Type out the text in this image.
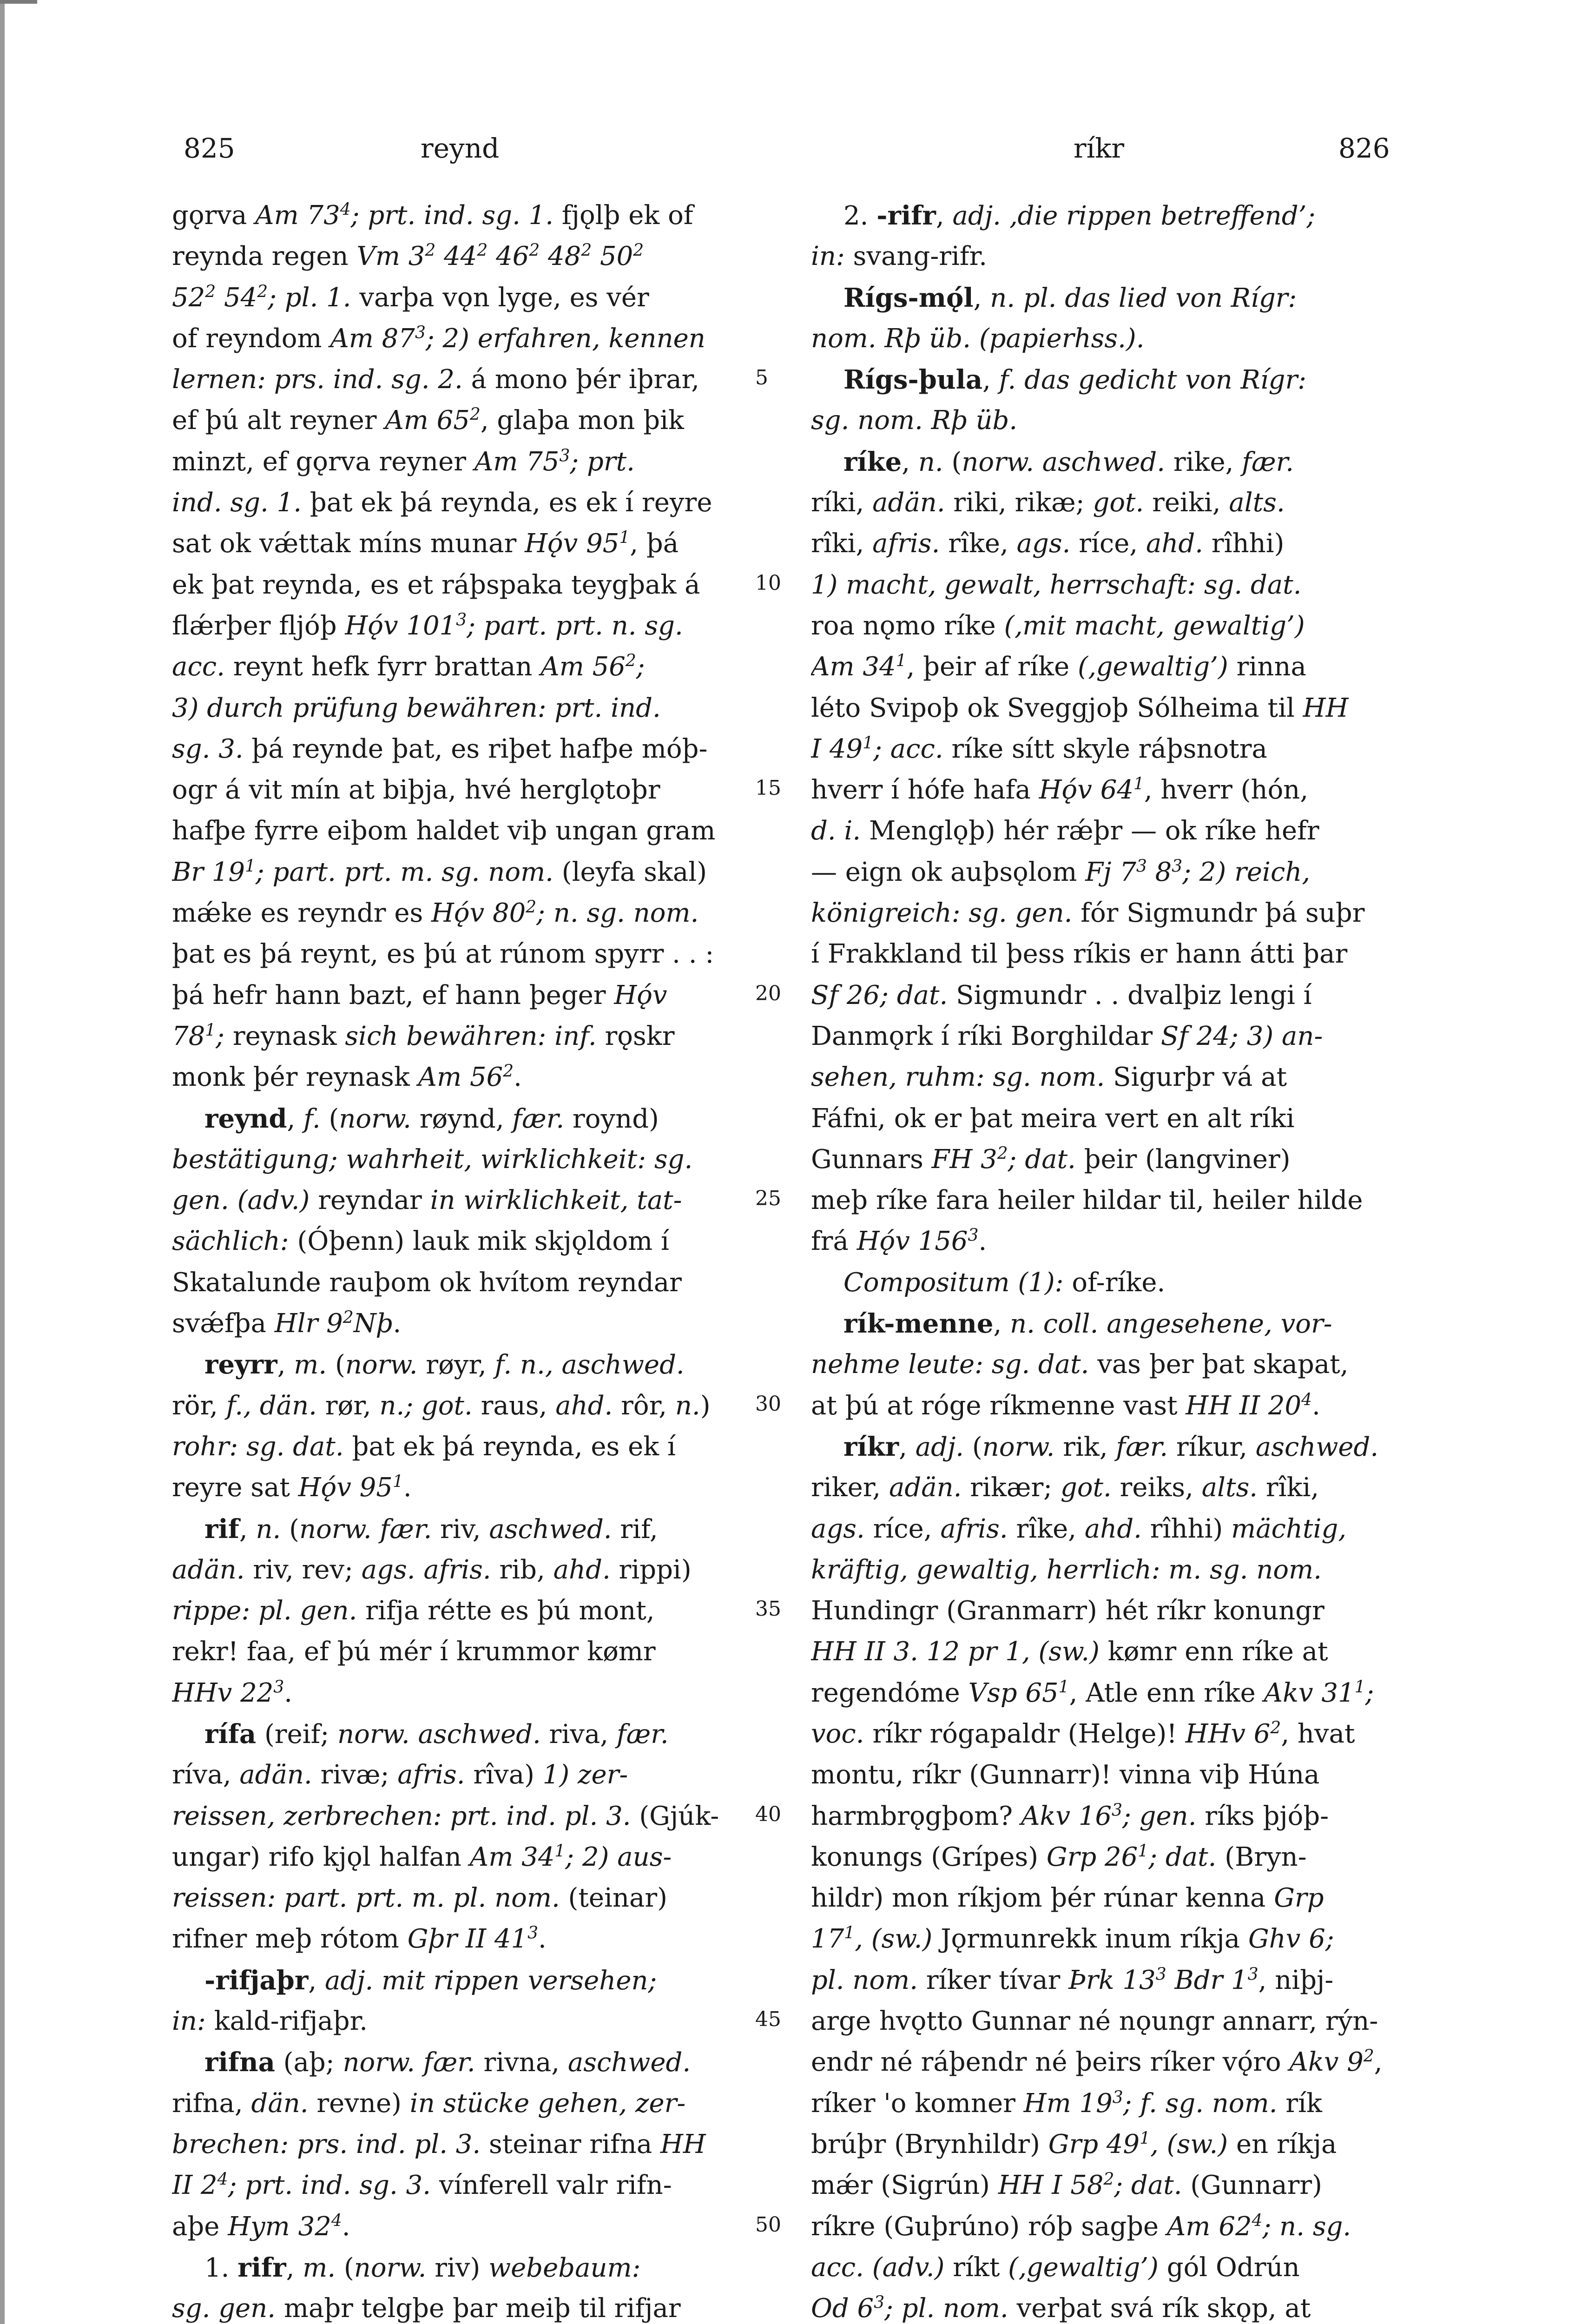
825	reynd	ríkr	826
gǫrva Am $73^4$; prt. ind. sg. 1. fjǫlþ ek of
reynda regen Vm $3^2$ $44^2$ $46^2$ $48^2$ $50^2$
$52^2$ $54^2$; pl. 1. varþa vǫn lyge, es vér
of reyndom Am $87^3$; 2) erfahren, kennen
lernen: prs. ind. sg. 2. á mono þér iþrar,
ef þú alt reyner Am $65^2$, glaþa mon þik
minzt, ef gǫrva reyner Am $75^3$; prt.
ind. sg. 1. þat ek þá reynda, es ek í reyre
sat ok vǽttak míns munar Hǫ́v $95^1$, þá
ek þat reynda, es et ráþspaka teygþak á
flǽrþer fljóþ Hǫ́v $101^3$; part. prt. n. sg.
acc. reynt hefk fyrr brattan Am $56^2$;
3) durch prüfung bewähren: prt. ind.
sg. 3. þá reynde þat, es riþet hafþe móþ-
ogr á vit mín at biþja, hvé herglǫtoþr
hafþe fyrre eiþom haldet viþ ungan gram
Br $19^1$; part. prt. m. sg. nom. (leyfa skal)
mǽke es reyndr es Hǫ́v $80^2$; n. sg. nom.
þat es þá reynt, es þú at rúnom spyrr . . :
þá hefr hann bazt, ef hann þeger Hǫ́v
$78^1$; reynask sich bewähren: inf. rǫskr
monk þér reynask Am $56^2$.
reynd, f. (norw. røynd, fær. roynd)
bestätigung; wahrheit, wirklichkeit: sg.
gen. (adv.) reyndar in wirklichkeit, tat-
sächlich: (Óþenn) lauk mik skjǫldom í
Skatalunde rauþom ok hvítom reyndar
svǽfþa Hlr $9^2Nþ$.
reyrr, m. (norw. røyr, f. n., aschwed.
rör, f., dän. rør, n.; got. raus, ahd. rôr, n.)
rohr: sg. dat. þat ek þá reynda, es ek í
reyre sat Hǫ́v $95^1$.
rif, n. (norw. fær. riv, aschwed. rif,
adän. riv, rev; ags. afris. rib, ahd. rippi)
rippe: pl. gen. rifja rétte es þú mont,
rekr! faa, ef þú mér í krummor kømr
HHv $22^3$.
rífa (reif; norw. aschwed. riva, fær.
ríva, adän. rivæ; afris. rîva) 1) zer-
reissen, zerbrechen: prt. ind. pl. 3. (Gjúk-
ungar) rifo kjǫl halfan Am $34^1$; 2) aus-
reissen: part. prt. m. pl. nom. (teinar)
rifner meþ rótom Gþr II $41^3$.
-rifjaþr, adj. mit rippen versehen;
in: kald-rifjaþr.
rifna (aþ; norw. fær. rivna, aschwed.
rifna, dän. revne) in stücke gehen, zer-
brechen: prs. ind. pl. 3. steinar rifna HH
II $2^4$; prt. ind. sg. 3. vínferell valr rifn-
aþe Hym $32^4$.
1. rifr, m. (norw. riv) webebaum:
sg. gen. maþr telgþe þar meiþ til rifjar
5
10
15
20
25
30
35
40
45
50
2. -rifr, adj. ‚die rippen betreffend’;
in: svang-rifr.
Rígs-mǫ́l, n. pl. das lied von Rígr:
nom. Rþ üb. (papierhss.).
Rígs-þula, f. das gedicht von Rígr:
sg. nom. Rþ üb.
ríke, n. (norw. aschwed. rike, fær.
ríki, adän. riki, rikæ; got. reiki, alts.
rîki, afris. rîke, ags. ríce, ahd. rîhhi)
1) macht, gewalt, herrschaft: sg. dat.
roa nǫmo ríke (‚mit macht, gewaltig’)
Am $34^1$, þeir af ríke (‚gewaltig’) rinna
léto Svipoþ ok Sveggjoþ Sólheima til HH
I $49^1$; acc. ríke sítt skyle ráþsnotra
hverr í hófe hafa Hǫ́v $64^1$, hverr (hón,
d. i. Menglǫþ) hér rǽþr — ok ríke hefr
— eign ok auþsǫlom Fj $7^3$ $8^3$; 2) reich,
königreich: sg. gen. fór Sigmundr þá suþr
í Frakkland til þess ríkis er hann átti þar
Sf 26; dat. Sigmundr . . dvalþiz lengi í
Danmǫrk í ríki Borghildar Sf 24; 3) an-
sehen, ruhm: sg. nom. Sigurþr vá at
Fáfni, ok er þat meira vert en alt ríki
Gunnars FH $3^2$; dat. þeir (langviner)
meþ ríke fara heiler hildar til, heiler hilde
frá Hǫ́v $156^3$.
Compositum (1): of-ríke.
rík-menne, n. coll. angesehene, vor-
nehme leute: sg. dat. vas þer þat skapat,
at þú at róge ríkmenne vast HH II $20^4$.
ríkr, adj. (norw. rik, fær. ríkur, aschwed.
riker, adän. rikær; got. reiks, alts. rîki,
ags. ríce, afris. rîke, ahd. rîhhi) mächtig,
kräftig, gewaltig, herrlich: m. sg. nom.
Hundingr (Granmarr) hét ríkr konungr
HH II 3. 12 pr 1, (sw.) kømr enn ríke at
regendóme Vsp $65^1$, Atle enn ríke Akv $31^1$;
voc. ríkr rógapaldr (Helge)! HHv $6^2$, hvat
montu, ríkr (Gunnarr)! vinna viþ Húna
harmbrǫgþom? Akv $16^3$; gen. ríks þjóþ-
konungs (Grípes) Grp $26^1$; dat. (Bryn-
hildr) mon ríkjom þér rúnar kenna Grp
$17^1$, (sw.) Jǫrmunrekk inum ríkja Ghv 6;
pl. nom. ríker tívar Þrk $13^3$ Bdr $1^3$, niþj-
arge hvǫtto Gunnar né nǫungr annarr, rýn-
endr né ráþendr né þeirs ríker vǫ́ro Akv $9^2$,
ríker 'o komner Hm $19^3$; f. sg. nom. rík
brúþr (Brynhildr) Grp $49^1$, (sw.) en ríkja
mǽr (Sigrún) HH I $58^2$; dat. (Gunnarr)
ríkre (Guþrúno) róþ sagþe Am $62^4$; n. sg.
acc. (adv.) ríkt (‚gewaltig’) gól Odrún
Od $6^3$; pl. nom. verþat svá rík skǫp, at
